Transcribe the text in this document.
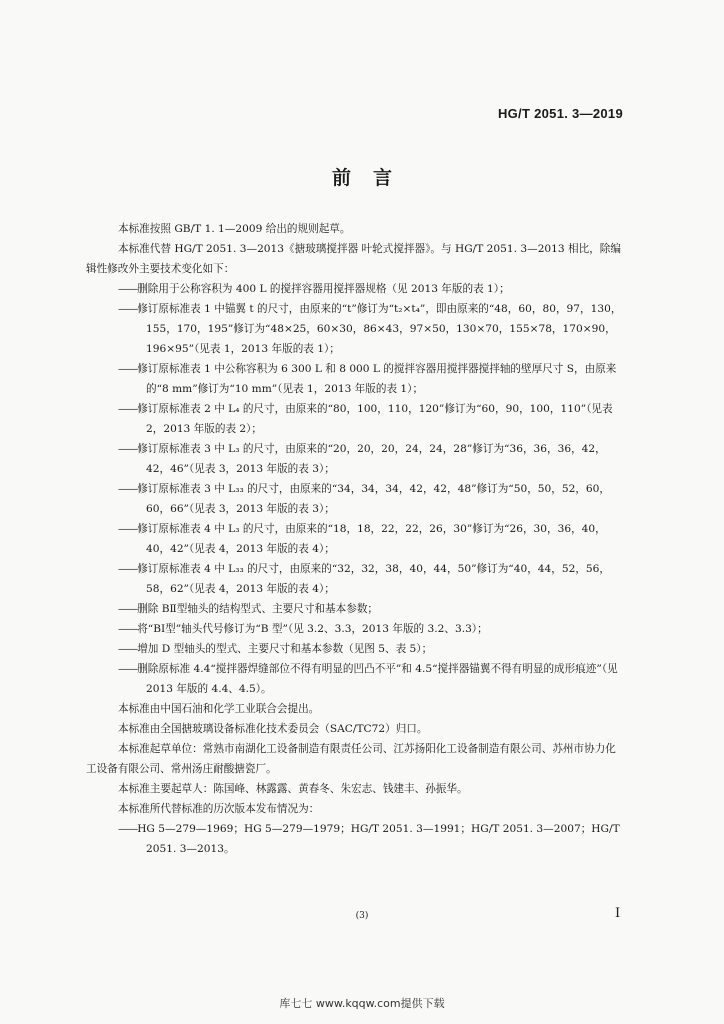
HG/T 2051. 3—2019
前言

本标准按照 GB/T 1. 1—2009 给出的规则起草。

本标准代替 HG/T 2051. 3—2013《搪玻璃搅拌器 叶轮式搅拌器》。与 HG/T 2051. 3—2013 相比，除编辑性修改外主要技术变化如下：

——删除用于公称容积为 400 L 的搅拌容器用搅拌器规格（见 2013 年版的表 1）；

——修订原标准表 1 中锚翼 t 的尺寸，由原来的“t”修订为“t₂×t₄”，即由原来的“48，60，80，97，130，155，170，195”修订为“48×25，60×30，86×43，97×50，130×70，155×78，170×90，196×95”（见表 1，2013 年版的表 1）；

——修订原标准表 1 中公称容积为 6 300 L 和 8 000 L 的搅拌容器用搅拌器搅拌轴的壁厚尺寸 S，由原来的“8 mm”修订为“10 mm”（见表 1，2013 年版的表 1）；

——修订原标准表 2 中 L₄ 的尺寸，由原来的“80，100，110，120”修订为“60，90，100，110”（见表 2，2013 年版的表 2）；

——修订原标准表 3 中 L₃ 的尺寸，由原来的“20，20，20，24，24，28”修订为“36，36，36，42，42，46”（见表 3，2013 年版的表 3）；

——修订原标准表 3 中 L₃₃ 的尺寸，由原来的“34，34，34，42，42，48”修订为“50，50，52，60，60，66”（见表 3，2013 年版的表 3）；

——修订原标准表 4 中 L₃ 的尺寸，由原来的“18，18，22，22，26，30”修订为“26，30，36，40，40，42”（见表 4，2013 年版的表 4）；

——修订原标准表 4 中 L₃₃ 的尺寸，由原来的“32，32，38，40，44，50”修订为“40，44，52，56，58，62”（见表 4，2013 年版的表 4）；

——删除 BⅡ型轴头的结构型式、主要尺寸和基本参数；

——将“BⅠ型”轴头代号修订为“B 型”（见 3.2、3.3，2013 年版的 3.2、3.3）；

——增加 D 型轴头的型式、主要尺寸和基本参数（见图 5、表 5）；

——删除原标准 4.4“搅拌器焊缝部位不得有明显的凹凸不平”和 4.5“搅拌器锚翼不得有明显的成形痕迹”（见 2013 年版的 4.4、4.5）。

本标准由中国石油和化学工业联合会提出。

本标准由全国搪玻璃设备标准化技术委员会（SAC/TC72）归口。

本标准起草单位：常熟市南湖化工设备制造有限责任公司、江苏扬阳化工设备制造有限公司、苏州市协力化工设备有限公司、常州汤庄耐酸搪瓷厂。

本标准主要起草人：陈国峰、林露露、黄春冬、朱宏志、钱建丰、孙振华。

本标准所代替标准的历次版本发布情况为：

——HG 5—279—1969；HG 5—279—1979；HG/T 2051. 3—1991；HG/T 2051. 3—2007；HG/T 2051. 3—2013。

(3)	Ⅰ
库七七 www.kqqw.com提供下载
